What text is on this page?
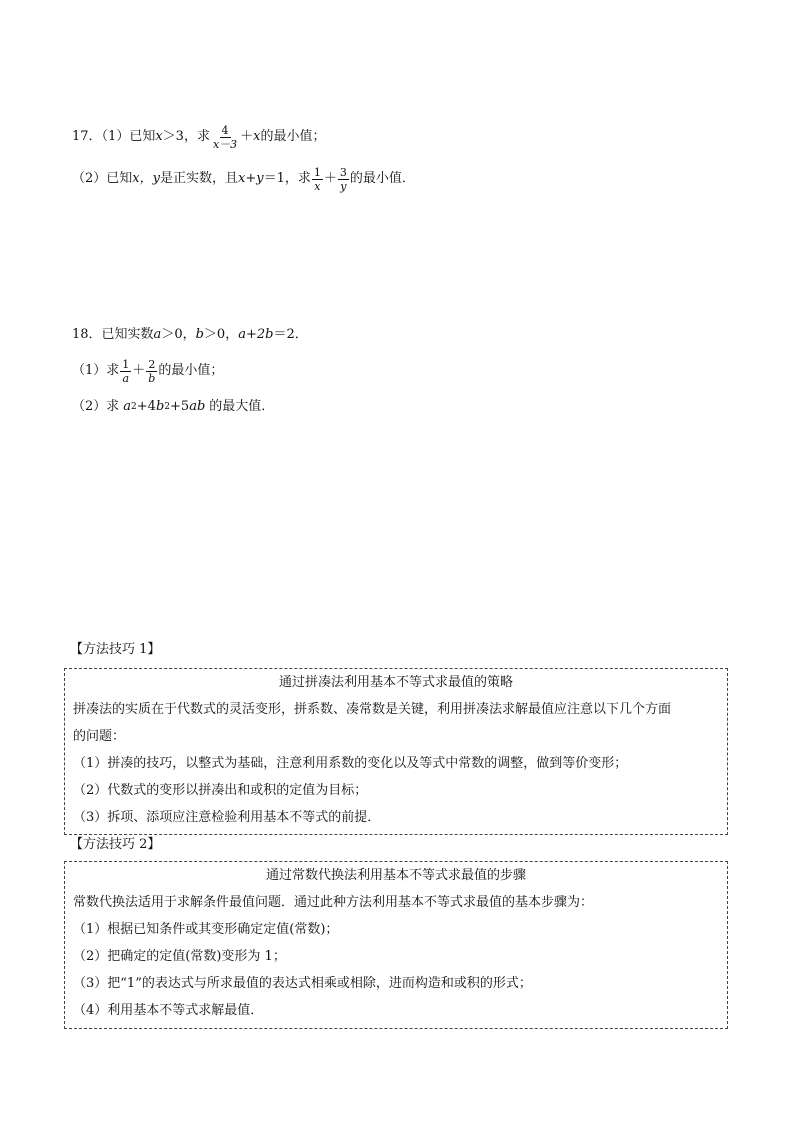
17．（1）已知 x ＞3，求 $\frac{4}{x-3} + x$ 的最小值；
（2）已知 x，y 是正实数，且 x+y ＝1，求 $\frac{1}{x} + \frac{3}{y}$ 的最小值．
18．已知实数 a ＞0， b ＞0， a+2b ＝2．
（1）求 $\frac{1}{a} + \frac{2}{b}$ 的最小值；
（2）求 a 2 +4 b 2 +5 ab 的最大值．
【方法技巧 1】
通过拼凑法利用基本不等式求最值的策略
拼凑法的实质在于代数式的灵活变形，拼系数、凑常数是关键，利用拼凑法求解最值应注意以下几个方面
的问题：
（1）拼凑的技巧，以整式为基础，注意利用系数的变化以及等式中常数的调整，做到等价变形；
（2）代数式的变形以拼凑出和或积的定值为目标；
（3）拆项、添项应注意检验利用基本不等式的前提．
【方法技巧 2】
通过常数代换法利用基本不等式求最值的步骤
常数代换法适用于求解条件最值问题．通过此种方法利用基本不等式求最值的基本步骤为：
（1）根据已知条件或其变形确定定值(常数)；
（2）把确定的定值(常数)变形为 1；
（3）把“1”的表达式与所求最值的表达式相乘或相除，进而构造和或积的形式；
（4）利用基本不等式求解最值．
